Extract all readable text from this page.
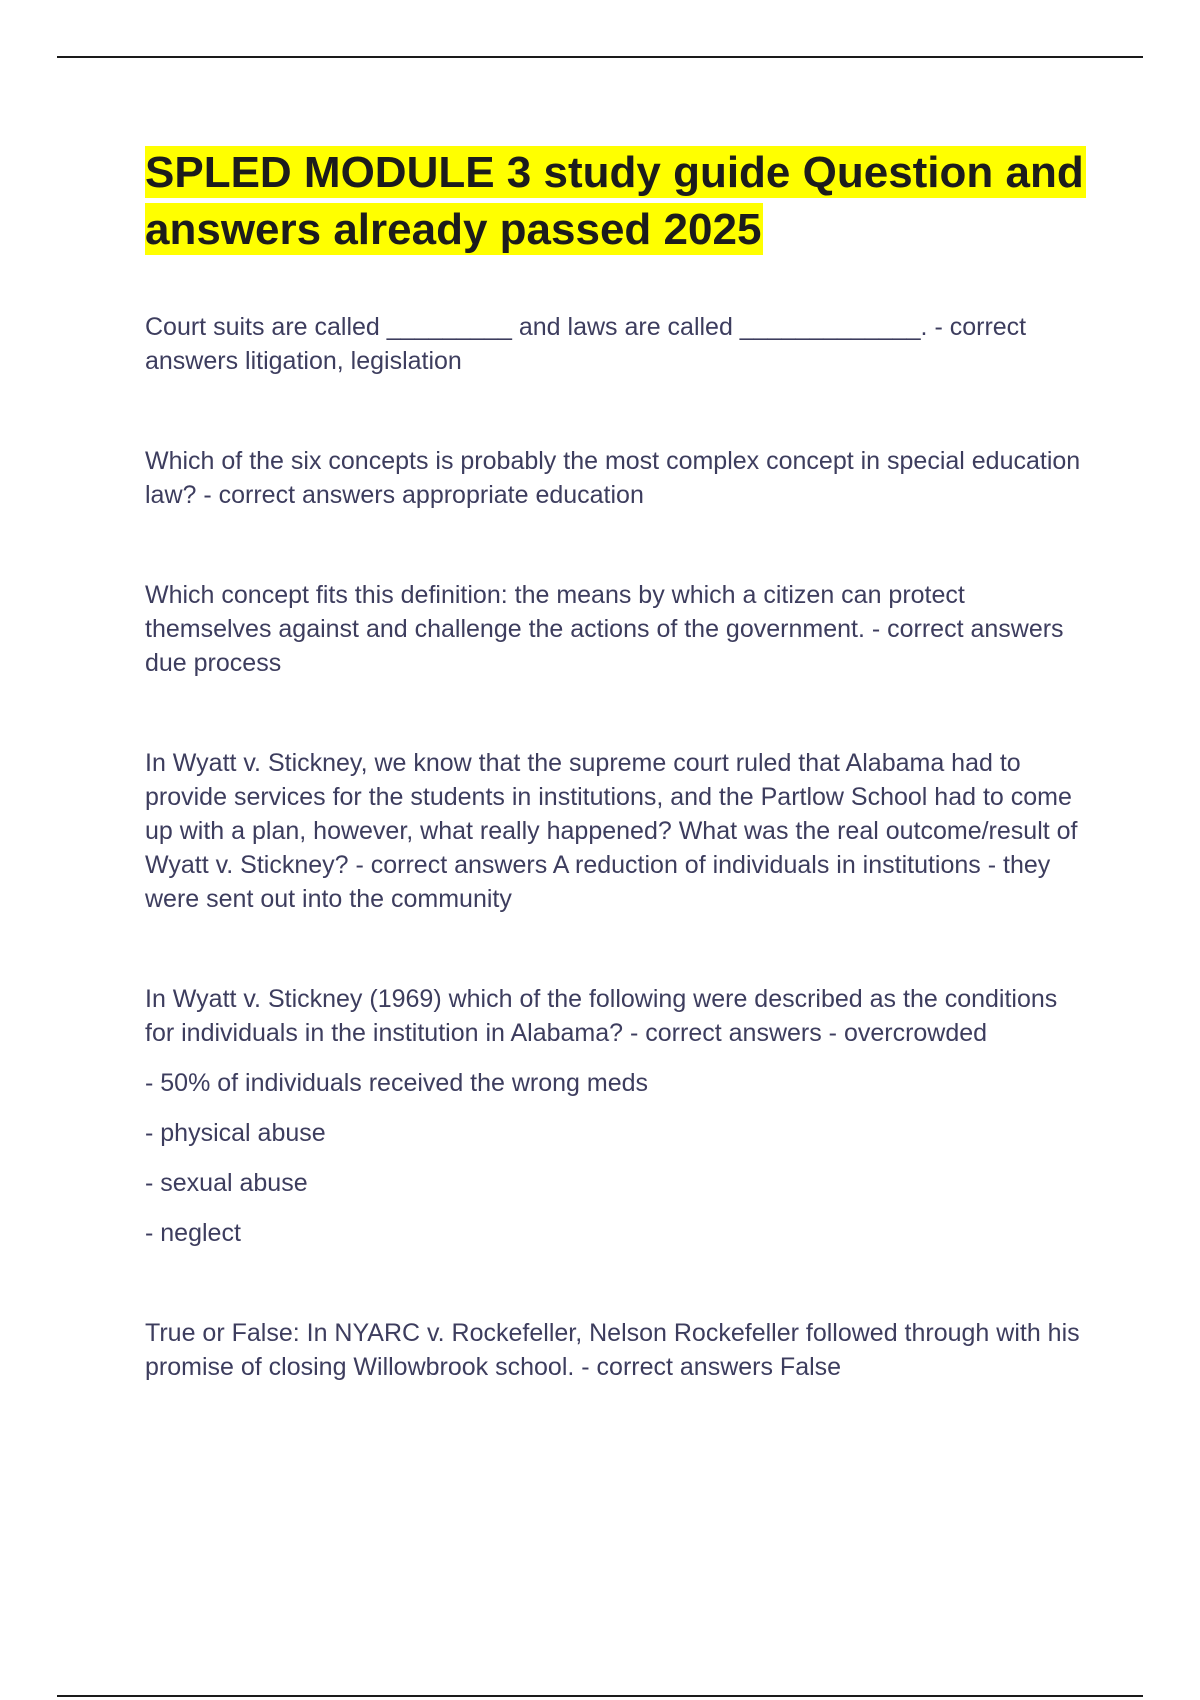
SPLED MODULE 3 study guide Question and answers already passed 2025

Court suits are called _________ and laws are called _____________. - correct answers litigation, legislation

Which of the six concepts is probably the most complex concept in special education law? - correct answers appropriate education

Which concept fits this definition: the means by which a citizen can protect themselves against and challenge the actions of the government. - correct answers due process

In Wyatt v. Stickney, we know that the supreme court ruled that Alabama had to provide services for the students in institutions, and the Partlow School had to come up with a plan, however, what really happened? What was the real outcome/result of Wyatt v. Stickney? - correct answers A reduction of individuals in institutions - they were sent out into the community

In Wyatt v. Stickney (1969) which of the following were described as the conditions for individuals in the institution in Alabama? - correct answers - overcrowded

- 50% of individuals received the wrong meds

- physical abuse

- sexual abuse

- neglect

True or False: In NYARC v. Rockefeller, Nelson Rockefeller followed through with his promise of closing Willowbrook school. - correct answers False
